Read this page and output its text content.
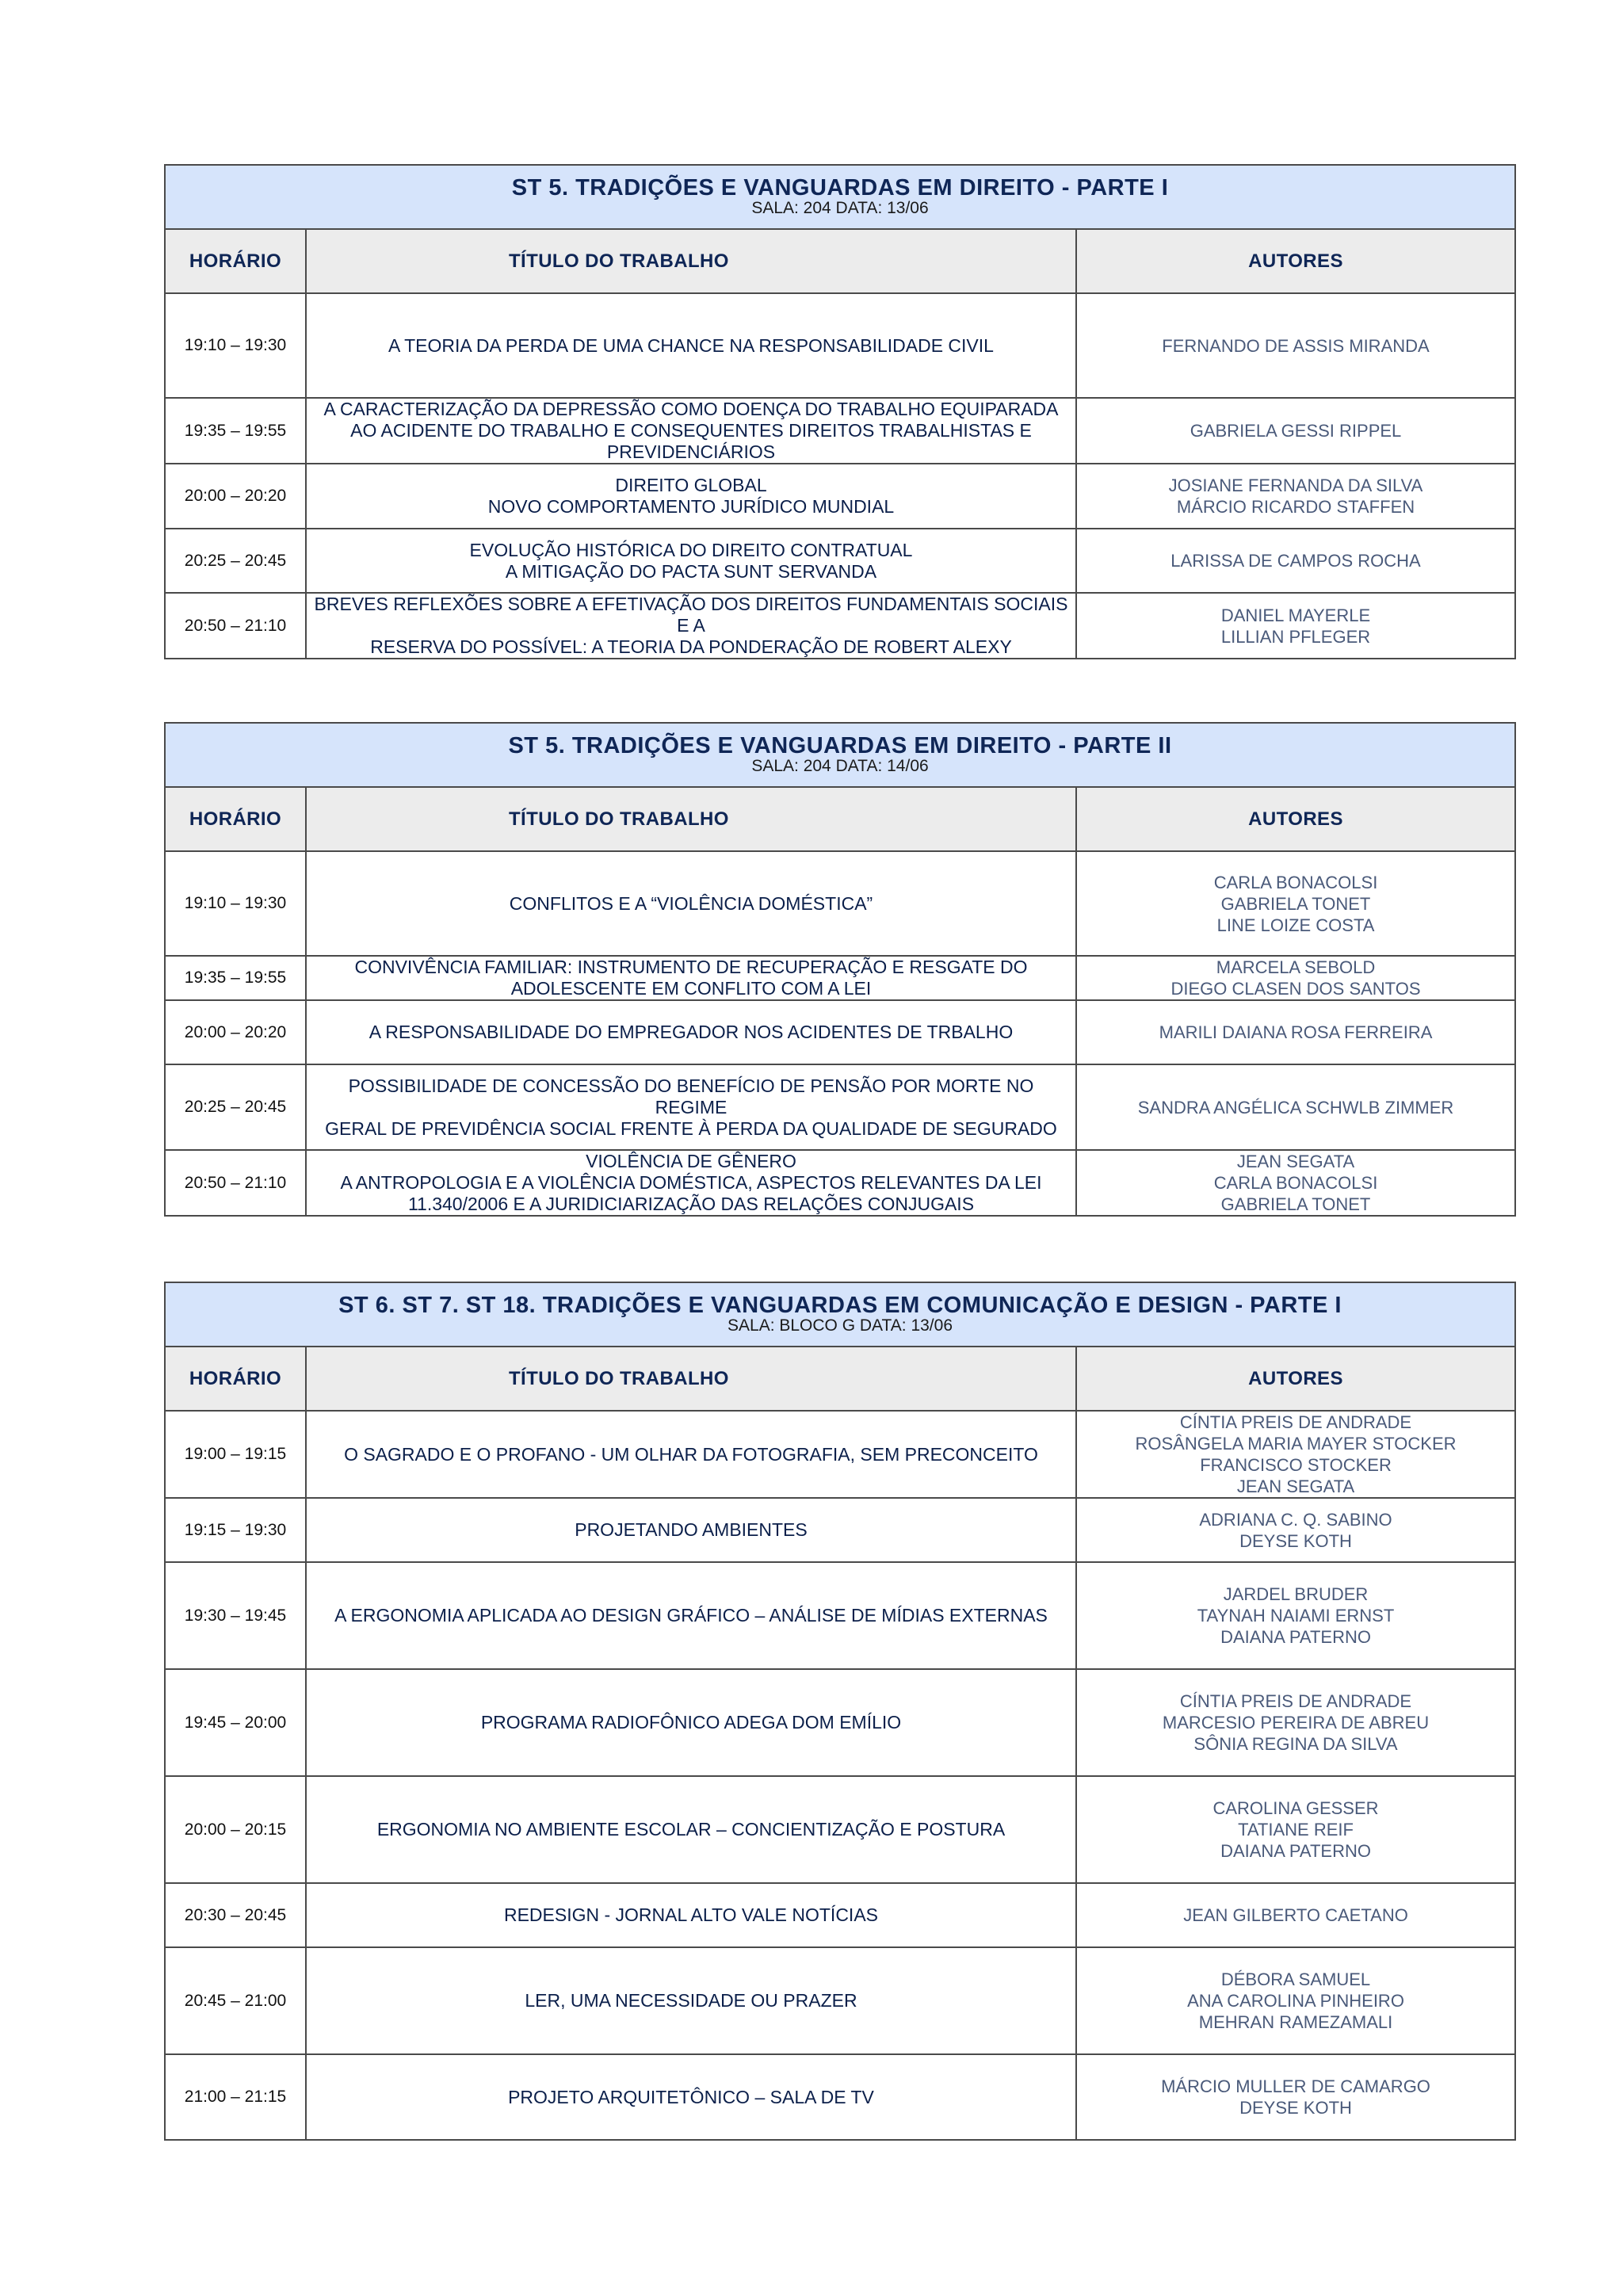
ST 5. TRADIÇÕES E VANGUARDAS EM DIREITO - PARTE I
SALA: 204 DATA: 13/06		

HORÁRIO	TÍTULO DO TRABALHO	AUTORES
19:10 – 19:30	A TEORIA DA PERDA DE UMA CHANCE NA RESPONSABILIDADE CIVIL	FERNANDO DE ASSIS MIRANDA

19:35 – 19:55	A CARACTERIZAÇÃO DA DEPRESSÃO COMO DOENÇA DO TRABALHO EQUIPARADA
AO ACIDENTE DO TRABALHO E CONSEQUENTES DIREITOS TRABALHISTAS E
PREVIDENCIÁRIOS	GABRIELA GESSI RIPPEL

20:00 – 20:20	DIREITO GLOBAL
NOVO COMPORTAMENTO JURÍDICO MUNDIAL	JOSIANE FERNANDA DA SILVA
MÁRCIO RICARDO STAFFEN

20:25 – 20:45	EVOLUÇÃO HISTÓRICA DO DIREITO CONTRATUAL
A MITIGAÇÃO DO PACTA SUNT SERVANDA	LARISSA DE CAMPOS ROCHA

20:50 – 21:10	BREVES REFLEXÕES SOBRE A EFETIVAÇÃO DOS DIREITOS FUNDAMENTAIS SOCIAIS E A
RESERVA DO POSSÍVEL: A TEORIA DA PONDERAÇÃO DE ROBERT ALEXY	DANIEL MAYERLE
LILLIAN PFLEGER
ST 5. TRADIÇÕES E VANGUARDAS EM DIREITO - PARTE II
SALA: 204 DATA: 14/06		

HORÁRIO	TÍTULO DO TRABALHO	AUTORES
19:10 – 19:30	CONFLITOS E A “VIOLÊNCIA DOMÉSTICA”	CARLA BONACOLSI
GABRIELA TONET
LINE LOIZE COSTA

19:35 – 19:55	CONVIVÊNCIA FAMILIAR: INSTRUMENTO DE RECUPERAÇÃO E RESGATE DO
ADOLESCENTE EM CONFLITO COM A LEI	MARCELA SEBOLD
DIEGO CLASEN DOS SANTOS

20:00 – 20:20	A RESPONSABILIDADE DO EMPREGADOR NOS ACIDENTES DE TRBALHO	MARILI DAIANA ROSA FERREIRA

20:25 – 20:45	POSSIBILIDADE DE CONCESSÃO DO BENEFÍCIO DE PENSÃO POR MORTE NO REGIME
GERAL DE PREVIDÊNCIA SOCIAL FRENTE À PERDA DA QUALIDADE DE SEGURADO	SANDRA ANGÉLICA SCHWLB ZIMMER

20:50 – 21:10	VIOLÊNCIA DE GÊNERO
A ANTROPOLOGIA E A VIOLÊNCIA DOMÉSTICA, ASPECTOS RELEVANTES DA LEI
11.340/2006 E A JURIDICIARIZAÇÃO DAS RELAÇÕES CONJUGAIS	JEAN SEGATA
CARLA BONACOLSI
GABRIELA TONET
ST 6. ST 7. ST 18. TRADIÇÕES E VANGUARDAS EM COMUNICAÇÃO E DESIGN - PARTE I
SALA: BLOCO G DATA: 13/06		

HORÁRIO	TÍTULO DO TRABALHO	AUTORES
19:00 – 19:15	O SAGRADO E O PROFANO - UM OLHAR DA FOTOGRAFIA, SEM PRECONCEITO	CÍNTIA PREIS DE ANDRADE
ROSÂNGELA MARIA MAYER STOCKER
FRANCISCO STOCKER
JEAN SEGATA

19:15 – 19:30	PROJETANDO AMBIENTES	ADRIANA C. Q. SABINO
DEYSE KOTH

19:30 – 19:45	A ERGONOMIA APLICADA AO DESIGN GRÁFICO – ANÁLISE DE MÍDIAS EXTERNAS	JARDEL BRUDER
TAYNAH NAIAMI ERNST
DAIANA PATERNO

19:45 – 20:00	PROGRAMA RADIOFÔNICO ADEGA DOM EMÍLIO	CÍNTIA PREIS DE ANDRADE
MARCESIO PEREIRA DE ABREU
SÔNIA REGINA DA SILVA

20:00 – 20:15	ERGONOMIA NO AMBIENTE ESCOLAR – CONCIENTIZAÇÃO E POSTURA	CAROLINA GESSER
TATIANE REIF
DAIANA PATERNO

20:30 – 20:45	REDESIGN - JORNAL ALTO VALE NOTÍCIAS	JEAN GILBERTO CAETANO

20:45 – 21:00	LER, UMA NECESSIDADE OU PRAZER	DÉBORA SAMUEL
ANA CAROLINA PINHEIRO
MEHRAN RAMEZAMALI

21:00 – 21:15	PROJETO ARQUITETÔNICO – SALA DE TV	MÁRCIO MULLER DE CAMARGO
DEYSE KOTH
